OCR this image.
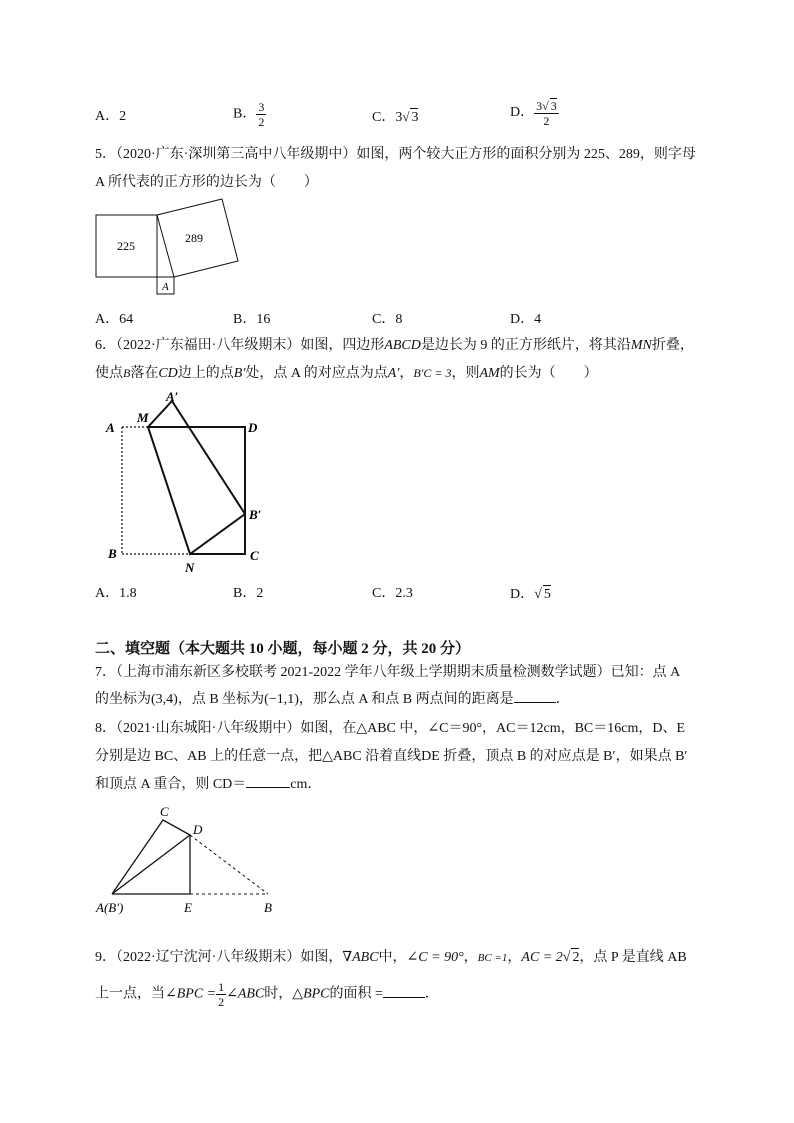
A．2	B． $\frac{3}{2}$	C．3√ 3	D． $\frac{3√ 3}{2}$
5．（2020·广东·深圳第三高中八年级期中）如图，两个较大正方形的面积分别为 225、289，则字母
A 所代表的正方形的边长为（　　）
225
289
A
A．64	B．16	C．8	D．4
6．（2022·广东福田·八年级期末）如图，四边形ABCD是边长为 9 的正方形纸片，将其沿MN折叠，
使点B落在CD边上的点B′处，点 A 的对应点为点A′，B′C = 3，则AM的长为（　　）
A
A′
M
D
B′
B
N
C
A．1.8	B．2	C．2.3	D．√ 5
二、填空题（本大题共 10 小题，每小题 2 分，共 20 分）
7．（上海市浦东新区多校联考 2021-2022 学年八年级上学期期末质量检测数学试题）已知：点 A
的坐标为(3,4)，点 B 坐标为(−1,1)，那么点 A 和点 B 两点间的距离是	．
8．（2021·山东城阳·八年级期中）如图，在△ABC 中，∠C＝90°，AC＝12cm，BC＝16cm，D、E
分别是边 BC、AB 上的任意一点，把△ABC 沿着直线DE 折叠，顶点 B 的对应点是 B′，如果点 B′
和顶点 A 重合，则 CD＝	cm．
C
D
A(B′)	E	B
9．（2022·辽宁沈河·八年级期末）如图，∇ABC中，∠C = 90°，BC =1，AC = 2√ 2，点 P 是直线 AB
上一点，当∠BPC = $\frac{1}{2}$ ∠ABC时，△BPC的面积 =	．
